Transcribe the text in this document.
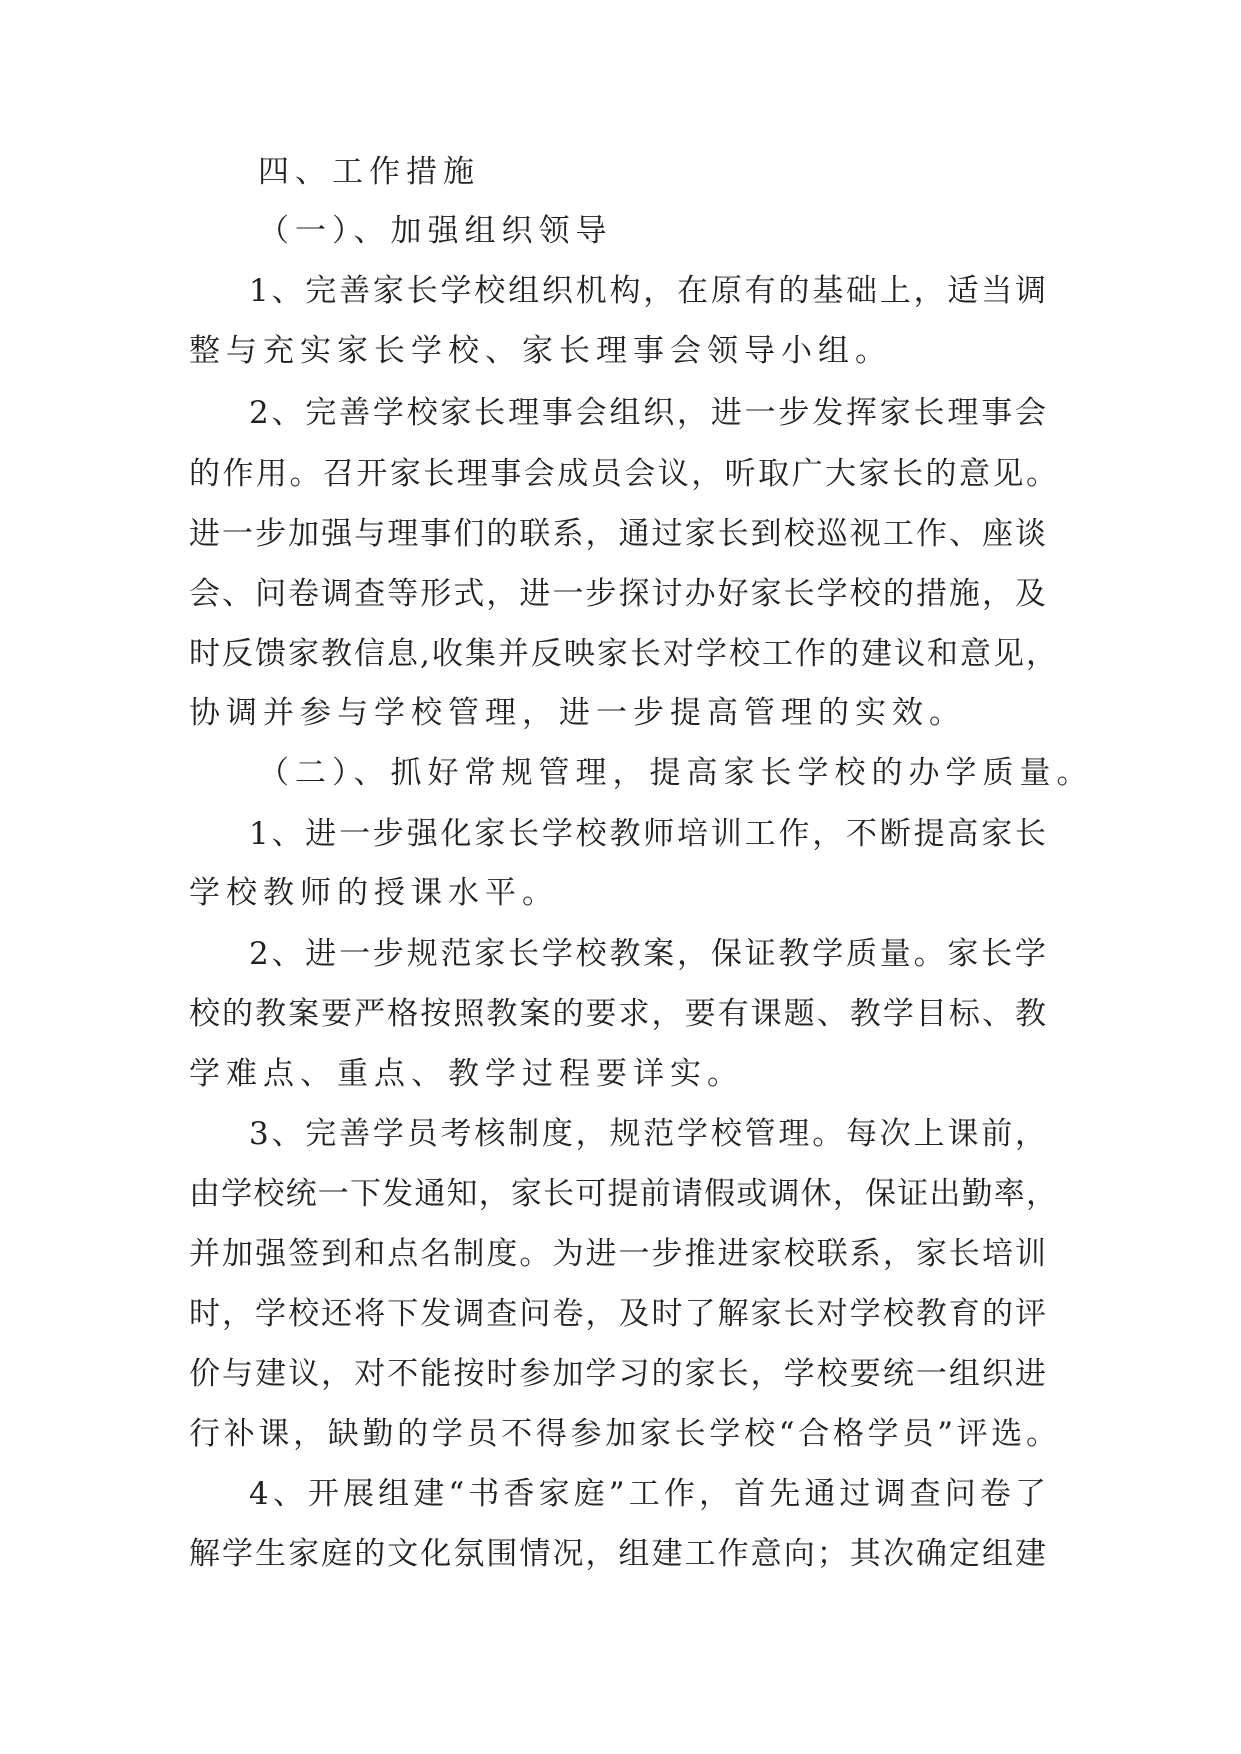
四、工作措施
（一）、加强组织领导
1、完善家长学校组织机构，在原有的基础上，适当调
整与充实家长学校、家长理事会领导小组。
2、完善学校家长理事会组织，进一步发挥家长理事会
的作用。召开家长理事会成员会议，听取广大家长的意见。
进一步加强与理事们的联系，通过家长到校巡视工作、座谈
会、问卷调查等形式，进一步探讨办好家长学校的措施，及
时反馈家教信息,收集并反映家长对学校工作的建议和意见，
协调并参与学校管理，进一步提高管理的实效。
（二）、抓好常规管理，提高家长学校的办学质量。
1、进一步强化家长学校教师培训工作，不断提高家长
学校教师的授课水平。
2、进一步规范家长学校教案，保证教学质量。家长学
校的教案要严格按照教案的要求，要有课题、教学目标、教
学难点、重点、教学过程要详实。
3、完善学员考核制度，规范学校管理。每次上课前，
由学校统一下发通知，家长可提前请假或调休，保证出勤率，
并加强签到和点名制度。为进一步推进家校联系，家长培训
时，学校还将下发调查问卷，及时了解家长对学校教育的评
价与建议，对不能按时参加学习的家长，学校要统一组织进
行补课，缺勤的学员不得参加家长学校“合格学员”评选。
4、开展组建“书香家庭”工作，首先通过调查问卷了
解学生家庭的文化氛围情况，组建工作意向；其次确定组建
